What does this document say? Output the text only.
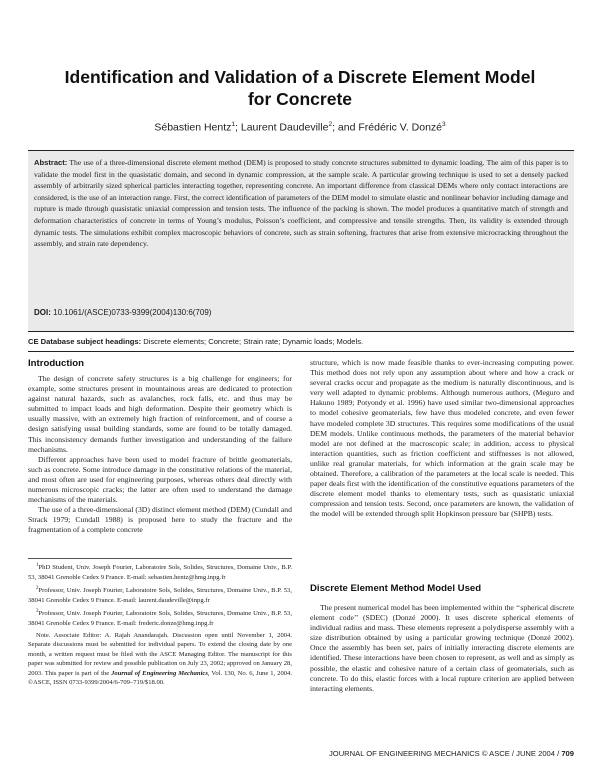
Identification and Validation of a Discrete Element Model
for Concrete
Sébastien Hentz$^1$; Laurent Daudeville$^2$; and Frédéric V. Donzé$^3$
Abstract: The use of a three-dimensional discrete element method (DEM) is proposed to study concrete structures submitted to dynamic loading. The aim of this paper is to validate the model first in the quasistatic domain, and second in dynamic compression, at the sample scale. A particular growing technique is used to set a densely packed assembly of arbitrarily sized spherical particles interacting together, representing concrete. An important difference from classical DEMs where only contact interactions are considered, is the use of an interaction range. First, the correct identification of parameters of the DEM model to simulate elastic and nonlinear behavior including damage and rupture is made through quasistatic uniaxial compression and tension tests. The influence of the packing is shown. The model produces a quantitative match of strength and deformation characteristics of concrete in terms of Young’s modulus, Poisson’s coefficient, and compressive and tensile strengths. Then, its validity is extended through dynamic tests. The simulations exhibit complex macroscopic behaviors of concrete, such as strain softening, fractures that arise from extensive microcracking throughout the assembly, and strain rate dependency.
DOI: 10.1061/(ASCE)0733-9399(2004)130:6(709)
CE Database subject headings: Discrete elements; Concrete; Strain rate; Dynamic loads; Models.
Introduction

The design of concrete safety structures is a big challenge for engineers; for example, some structures present in mountainous areas are dedicated to protection against natural hazards, such as avalanches, rock falls, etc. and thus may be submitted to impact loads and high deformation. Despite their geometry which is usually massive, with an extremely high fraction of reinforcement, and of course a design satisfying usual building standards, some are found to be totally damaged. This inconsistency demands further investigation and understanding of the failure mechanisms.

Different approaches have been used to model fracture of brittle geomaterials, such as concrete. Some introduce damage in the constitutive relations of the material, and most often are used for engineering purposes, whereas others deal directly with numerous microscopic cracks; the latter are often used to understand the damage mechanisms of the materials.

The use of a three-dimensional (3D) distinct element method (DEM) (Cundall and Strack 1979; Cundall 1988) is proposed here to study the fracture and the fragmentation of a complete concrete

$^1$PhD Student, Univ. Joseph Fourier, Laboratoire Sols, Solides, Structures, Domaine Univ., B.P. 53, 38041 Grenoble Cedex 9 France. E-mail: sebastien.hentz@hmg.inpg.fr

$^2$Professor, Univ. Joseph Fourier, Laboratoire Sols, Solides, Structures, Domaine Univ., B.P. 53, 38041 Grenoble Cedex 9 France. E-mail: laurent.daudeville@inpg.fr

$^3$Professor, Univ. Joseph Fourier, Laboratoire Sols, Solides, Structures, Domaine Univ., B.P. 53, 38041 Grenoble Cedex 9 France. E-mail: frederic.donze@hmg.inpg.fr

Note. Associate Editor: A. Rajah Anandarajah. Discussion open until November 1, 2004. Separate discussions must be submitted for individual papers. To extend the closing date by one month, a written request must be filed with the ASCE Managing Editor. The manuscript for this paper was submitted for review and possible publication on July 23, 2002; approved on January 28, 2003. This paper is part of the Journal of Engineering Mechanics, Vol. 130, No. 6, June 1, 2004. ©ASCE, ISSN 0733-9399/2004/6-709–719/$18.00.

structure, which is now made feasible thanks to ever-increasing computing power. This method does not rely upon any assumption about where and how a crack or several cracks occur and propagate as the medium is naturally discontinuous, and is very well adapted to dynamic problems. Although numerous authors, (Meguro and Hakuno 1989; Potyondy et al. 1996) have used similar two-dimensional approaches to model cohesive geomaterials, few have thus modeled concrete, and even fewer have modeled complete 3D structures. This requires some modifications of the usual DEM models. Unlike continuous methods, the parameters of the material behavior model are not defined at the macroscopic scale; in addition, access to physical interaction quantities, such as friction coefficient and stiffnesses is not allowed, unlike real granular materials, for which information at the grain scale may be obtained. Therefore, a calibration of the parameters at the local scale is needed. This paper deals first with the identification of the constitutive equations parameters of the discrete element model thanks to elementary tests, such as quasistatic uniaxial compression and tension tests. Second, once parameters are known, the validation of the model will be extended through split Hopkinson pressure bar (SHPB) tests.

Discrete Element Method Model Used

The present numerical model has been implemented within the ‘‘spherical discrete element code’’ (SDEC) (Donzé 2000). It uses discrete spherical elements of individual radius and mass. These elements represent a polydisperse assembly with a size distribution obtained by using a particular growing technique (Donzé 2002). Once the assembly has been set, pairs of initially interacting discrete elements are identified. These interactions have been chosen to represent, as well and as simply as possible, the elastic and cohesive nature of a certain class of geomaterials, such as concrete. To do this, elastic forces with a local rupture criterion are applied between interacting elements.

JOURNAL OF ENGINEERING MECHANICS © ASCE / JUNE 2004 / 709
